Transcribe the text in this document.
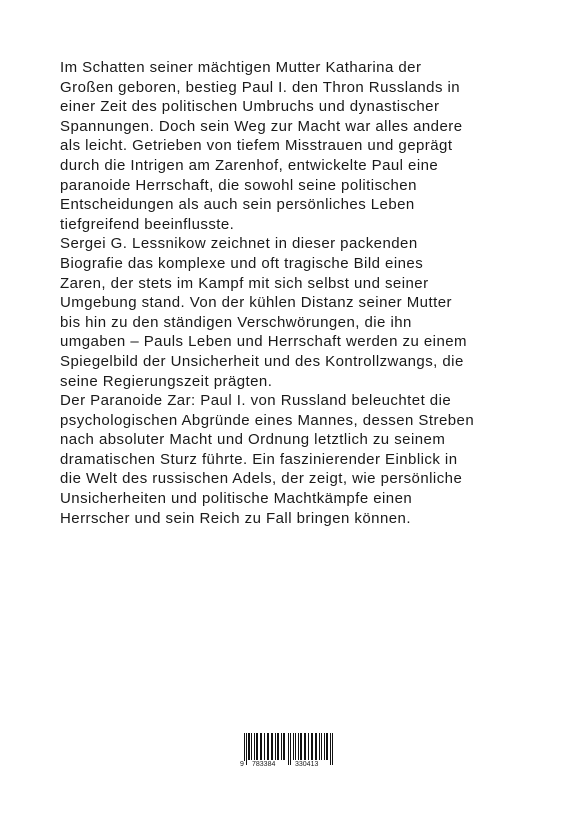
Im Schatten seiner mächtigen Mutter Katharina der
Großen geboren, bestieg Paul I. den Thron Russlands in
einer Zeit des politischen Umbruchs und dynastischer
Spannungen. Doch sein Weg zur Macht war alles andere
als leicht. Getrieben von tiefem Misstrauen und geprägt
durch die Intrigen am Zarenhof, entwickelte Paul eine
paranoide Herrschaft, die sowohl seine politischen
Entscheidungen als auch sein persönliches Leben
tiefgreifend beeinflusste.

Sergei G. Lessnikow zeichnet in dieser packenden
Biografie das komplexe und oft tragische Bild eines
Zaren, der stets im Kampf mit sich selbst und seiner
Umgebung stand. Von der kühlen Distanz seiner Mutter
bis hin zu den ständigen Verschwörungen, die ihn
umgaben – Pauls Leben und Herrschaft werden zu einem
Spiegelbild der Unsicherheit und des Kontrollzwangs, die
seine Regierungszeit prägten.

Der Paranoide Zar: Paul I. von Russland beleuchtet die
psychologischen Abgründe eines Mannes, dessen Streben
nach absoluter Macht und Ordnung letztlich zu seinem
dramatischen Sturz führte. Ein faszinierender Einblick in
die Welt des russischen Adels, der zeigt, wie persönliche
Unsicherheiten und politische Machtkämpfe einen
Herrscher und sein Reich zu Fall bringen können.

9 783384	330413
